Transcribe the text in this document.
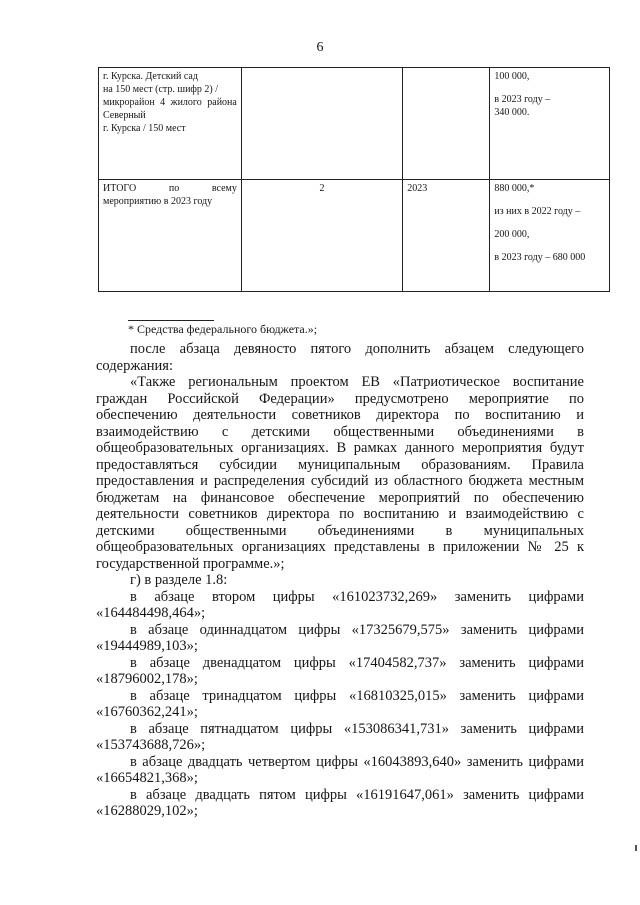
6
г. Курска. Детский сад
на 150 мест (стр. шифр 2) /
микрорайон 4 жилого района Северный
г. Курска / 150 мест			100 000,
в 2023 году –
340 000.

ИТОГО по всему мероприятию в 2023 году	2	2023	880 000,*
из них в 2022 году –
200 000,
в 2023 году – 680 000
* Средства федерального бюджета.»;

после абзаца девяносто пятого дополнить абзацем следующего содержания:

«Также региональным проектом ЕВ «Патриотическое воспитание граждан Российской Федерации» предусмотрено мероприятие по обеспечению деятельности советников директора по воспитанию и взаимодействию с детскими общественными объединениями в общеобразовательных организациях. В рамках данного мероприятия будут предоставляться субсидии муниципальным образованиям. Правила предоставления и распределения субсидий из областного бюджета местным бюджетам на финансовое обеспечение мероприятий по обеспечению деятельности советников директора по воспитанию и взаимодействию с детскими общественными объединениями в муниципальных общеобразовательных организациях представлены в приложении № 25 к государственной программе.»;

г) в разделе 1.8:

в абзаце втором цифры «161023732,269» заменить цифрами «164484498,464»;

в абзаце одиннадцатом цифры «17325679,575» заменить цифрами «19444989,103»;

в абзаце двенадцатом цифры «17404582,737» заменить цифрами «18796002,178»;

в абзаце тринадцатом цифры «16810325,015» заменить цифрами «16760362,241»;

в абзаце пятнадцатом цифры «153086341,731» заменить цифрами «153743688,726»;

в абзаце двадцать четвертом цифры «16043893,640» заменить цифрами «16654821,368»;

в абзаце двадцать пятом цифры «16191647,061» заменить цифрами «16288029,102»;
